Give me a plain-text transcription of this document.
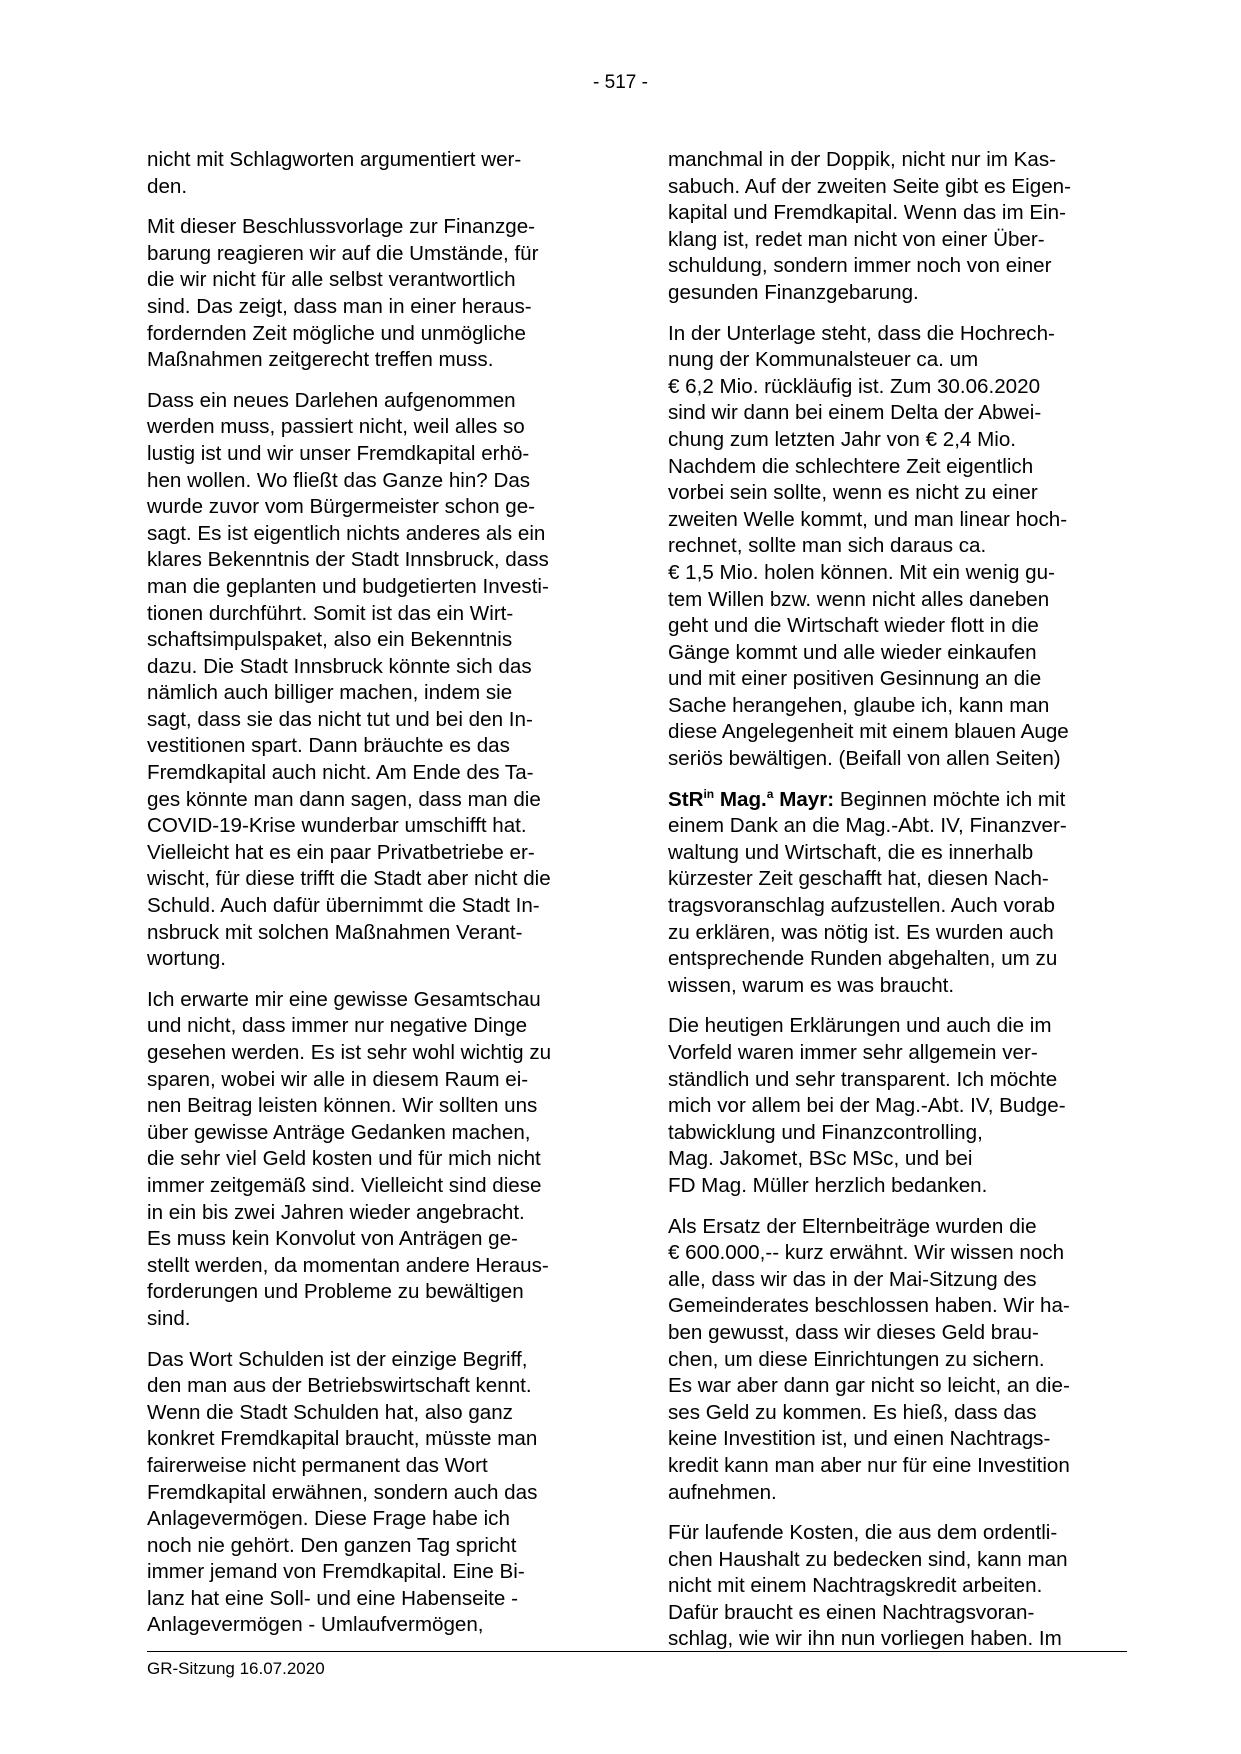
- 517 -
nicht mit Schlagworten argumentiert wer-
den.
Mit dieser Beschlussvorlage zur Finanzge-
barung reagieren wir auf die Umstände, für
die wir nicht für alle selbst verantwortlich
sind. Das zeigt, dass man in einer heraus-
fordernden Zeit mögliche und unmögliche
Maßnahmen zeitgerecht treffen muss.
Dass ein neues Darlehen aufgenommen
werden muss, passiert nicht, weil alles so
lustig ist und wir unser Fremdkapital erhö-
hen wollen. Wo fließt das Ganze hin? Das
wurde zuvor vom Bürgermeister schon ge-
sagt. Es ist eigentlich nichts anderes als ein
klares Bekenntnis der Stadt Innsbruck, dass
man die geplanten und budgetierten Investi-
tionen durchführt. Somit ist das ein Wirt-
schaftsimpulspaket, also ein Bekenntnis
dazu. Die Stadt Innsbruck könnte sich das
nämlich auch billiger machen, indem sie
sagt, dass sie das nicht tut und bei den In-
vestitionen spart. Dann bräuchte es das
Fremdkapital auch nicht. Am Ende des Ta-
ges könnte man dann sagen, dass man die
COVID-19-Krise wunderbar umschifft hat.
Vielleicht hat es ein paar Privatbetriebe er-
wischt, für diese trifft die Stadt aber nicht die
Schuld. Auch dafür übernimmt die Stadt In-
nsbruck mit solchen Maßnahmen Verant-
wortung.
Ich erwarte mir eine gewisse Gesamtschau
und nicht, dass immer nur negative Dinge
gesehen werden. Es ist sehr wohl wichtig zu
sparen, wobei wir alle in diesem Raum ei-
nen Beitrag leisten können. Wir sollten uns
über gewisse Anträge Gedanken machen,
die sehr viel Geld kosten und für mich nicht
immer zeitgemäß sind. Vielleicht sind diese
in ein bis zwei Jahren wieder angebracht.
Es muss kein Konvolut von Anträgen ge-
stellt werden, da momentan andere Heraus-
forderungen und Probleme zu bewältigen
sind.
Das Wort Schulden ist der einzige Begriff,
den man aus der Betriebswirtschaft kennt.
Wenn die Stadt Schulden hat, also ganz
konkret Fremdkapital braucht, müsste man
fairerweise nicht permanent das Wort
Fremdkapital erwähnen, sondern auch das
Anlagevermögen. Diese Frage habe ich
noch nie gehört. Den ganzen Tag spricht
immer jemand von Fremdkapital. Eine Bi-
lanz hat eine Soll- und eine Habenseite -
Anlagevermögen - Umlaufvermögen,
manchmal in der Doppik, nicht nur im Kas-
sabuch. Auf der zweiten Seite gibt es Eigen-
kapital und Fremdkapital. Wenn das im Ein-
klang ist, redet man nicht von einer Über-
schuldung, sondern immer noch von einer
gesunden Finanzgebarung.
In der Unterlage steht, dass die Hochrech-
nung der Kommunalsteuer ca. um
€ 6,2 Mio. rückläufig ist. Zum 30.06.2020
sind wir dann bei einem Delta der Abwei-
chung zum letzten Jahr von € 2,4 Mio.
Nachdem die schlechtere Zeit eigentlich
vorbei sein sollte, wenn es nicht zu einer
zweiten Welle kommt, und man linear hoch-
rechnet, sollte man sich daraus ca.
€ 1,5 Mio. holen können. Mit ein wenig gu-
tem Willen bzw. wenn nicht alles daneben
geht und die Wirtschaft wieder flott in die
Gänge kommt und alle wieder einkaufen
und mit einer positiven Gesinnung an die
Sache herangehen, glaube ich, kann man
diese Angelegenheit mit einem blauen Auge
seriös bewältigen. (Beifall von allen Seiten)
StR$^{in}$ Mag.$^a$ Mayr: Beginnen möchte ich mit
einem Dank an die Mag.-Abt. IV, Finanzver-
waltung und Wirtschaft, die es innerhalb
kürzester Zeit geschafft hat, diesen Nach-
tragsvoranschlag aufzustellen. Auch vorab
zu erklären, was nötig ist. Es wurden auch
entsprechende Runden abgehalten, um zu
wissen, warum es was braucht.
Die heutigen Erklärungen und auch die im
Vorfeld waren immer sehr allgemein ver-
ständlich und sehr transparent. Ich möchte
mich vor allem bei der Mag.-Abt. IV, Budge-
tabwicklung und Finanzcontrolling,
Mag. Jakomet, BSc MSc, und bei
FD Mag. Müller herzlich bedanken.
Als Ersatz der Elternbeiträge wurden die
€ 600.000,-- kurz erwähnt. Wir wissen noch
alle, dass wir das in der Mai-Sitzung des
Gemeinderates beschlossen haben. Wir ha-
ben gewusst, dass wir dieses Geld brau-
chen, um diese Einrichtungen zu sichern.
Es war aber dann gar nicht so leicht, an die-
ses Geld zu kommen. Es hieß, dass das
keine Investition ist, und einen Nachtrags-
kredit kann man aber nur für eine Investition
aufnehmen.
Für laufende Kosten, die aus dem ordentli-
chen Haushalt zu bedecken sind, kann man
nicht mit einem Nachtragskredit arbeiten.
Dafür braucht es einen Nachtragsvoran-
schlag, wie wir ihn nun vorliegen haben. Im
GR-Sitzung 16.07.2020
